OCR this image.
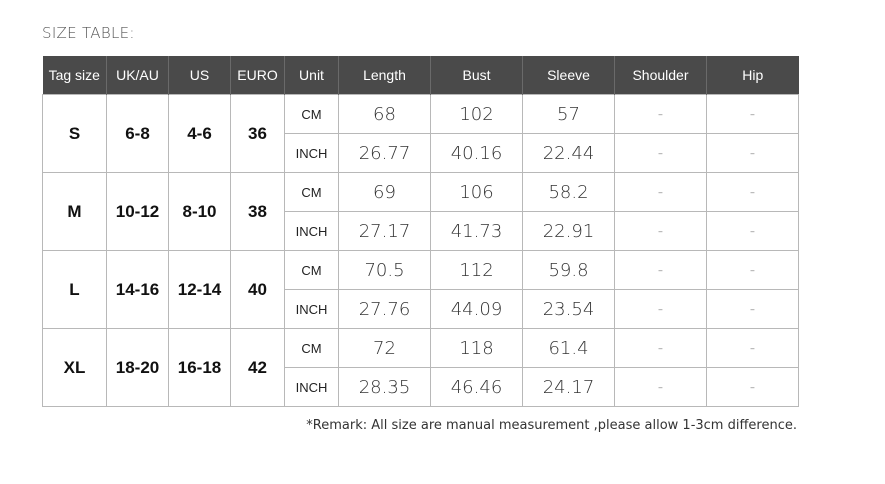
SIZE TABLE:
Tag size	UK/AU	US	EURO	Unit	Length	Bust	Sleeve	Shoulder	Hip
S	6-8	4-6	36	CM	68	102	57	-	-
				INCH	26.77	40.16	22.44	-	-
M	10-12	8-10	38	CM	69	106	58.2	-	-
				INCH	27.17	41.73	22.91	-	-
L	14-16	12-14	40	CM	70.5	112	59.8	-	-
				INCH	27.76	44.09	23.54	-	-
XL	18-20	16-18	42	CM	72	118	61.4	-	-
				INCH	28.35	46.46	24.17	-	-
*Remark: All size are manual measurement ,please allow 1-3cm difference.
